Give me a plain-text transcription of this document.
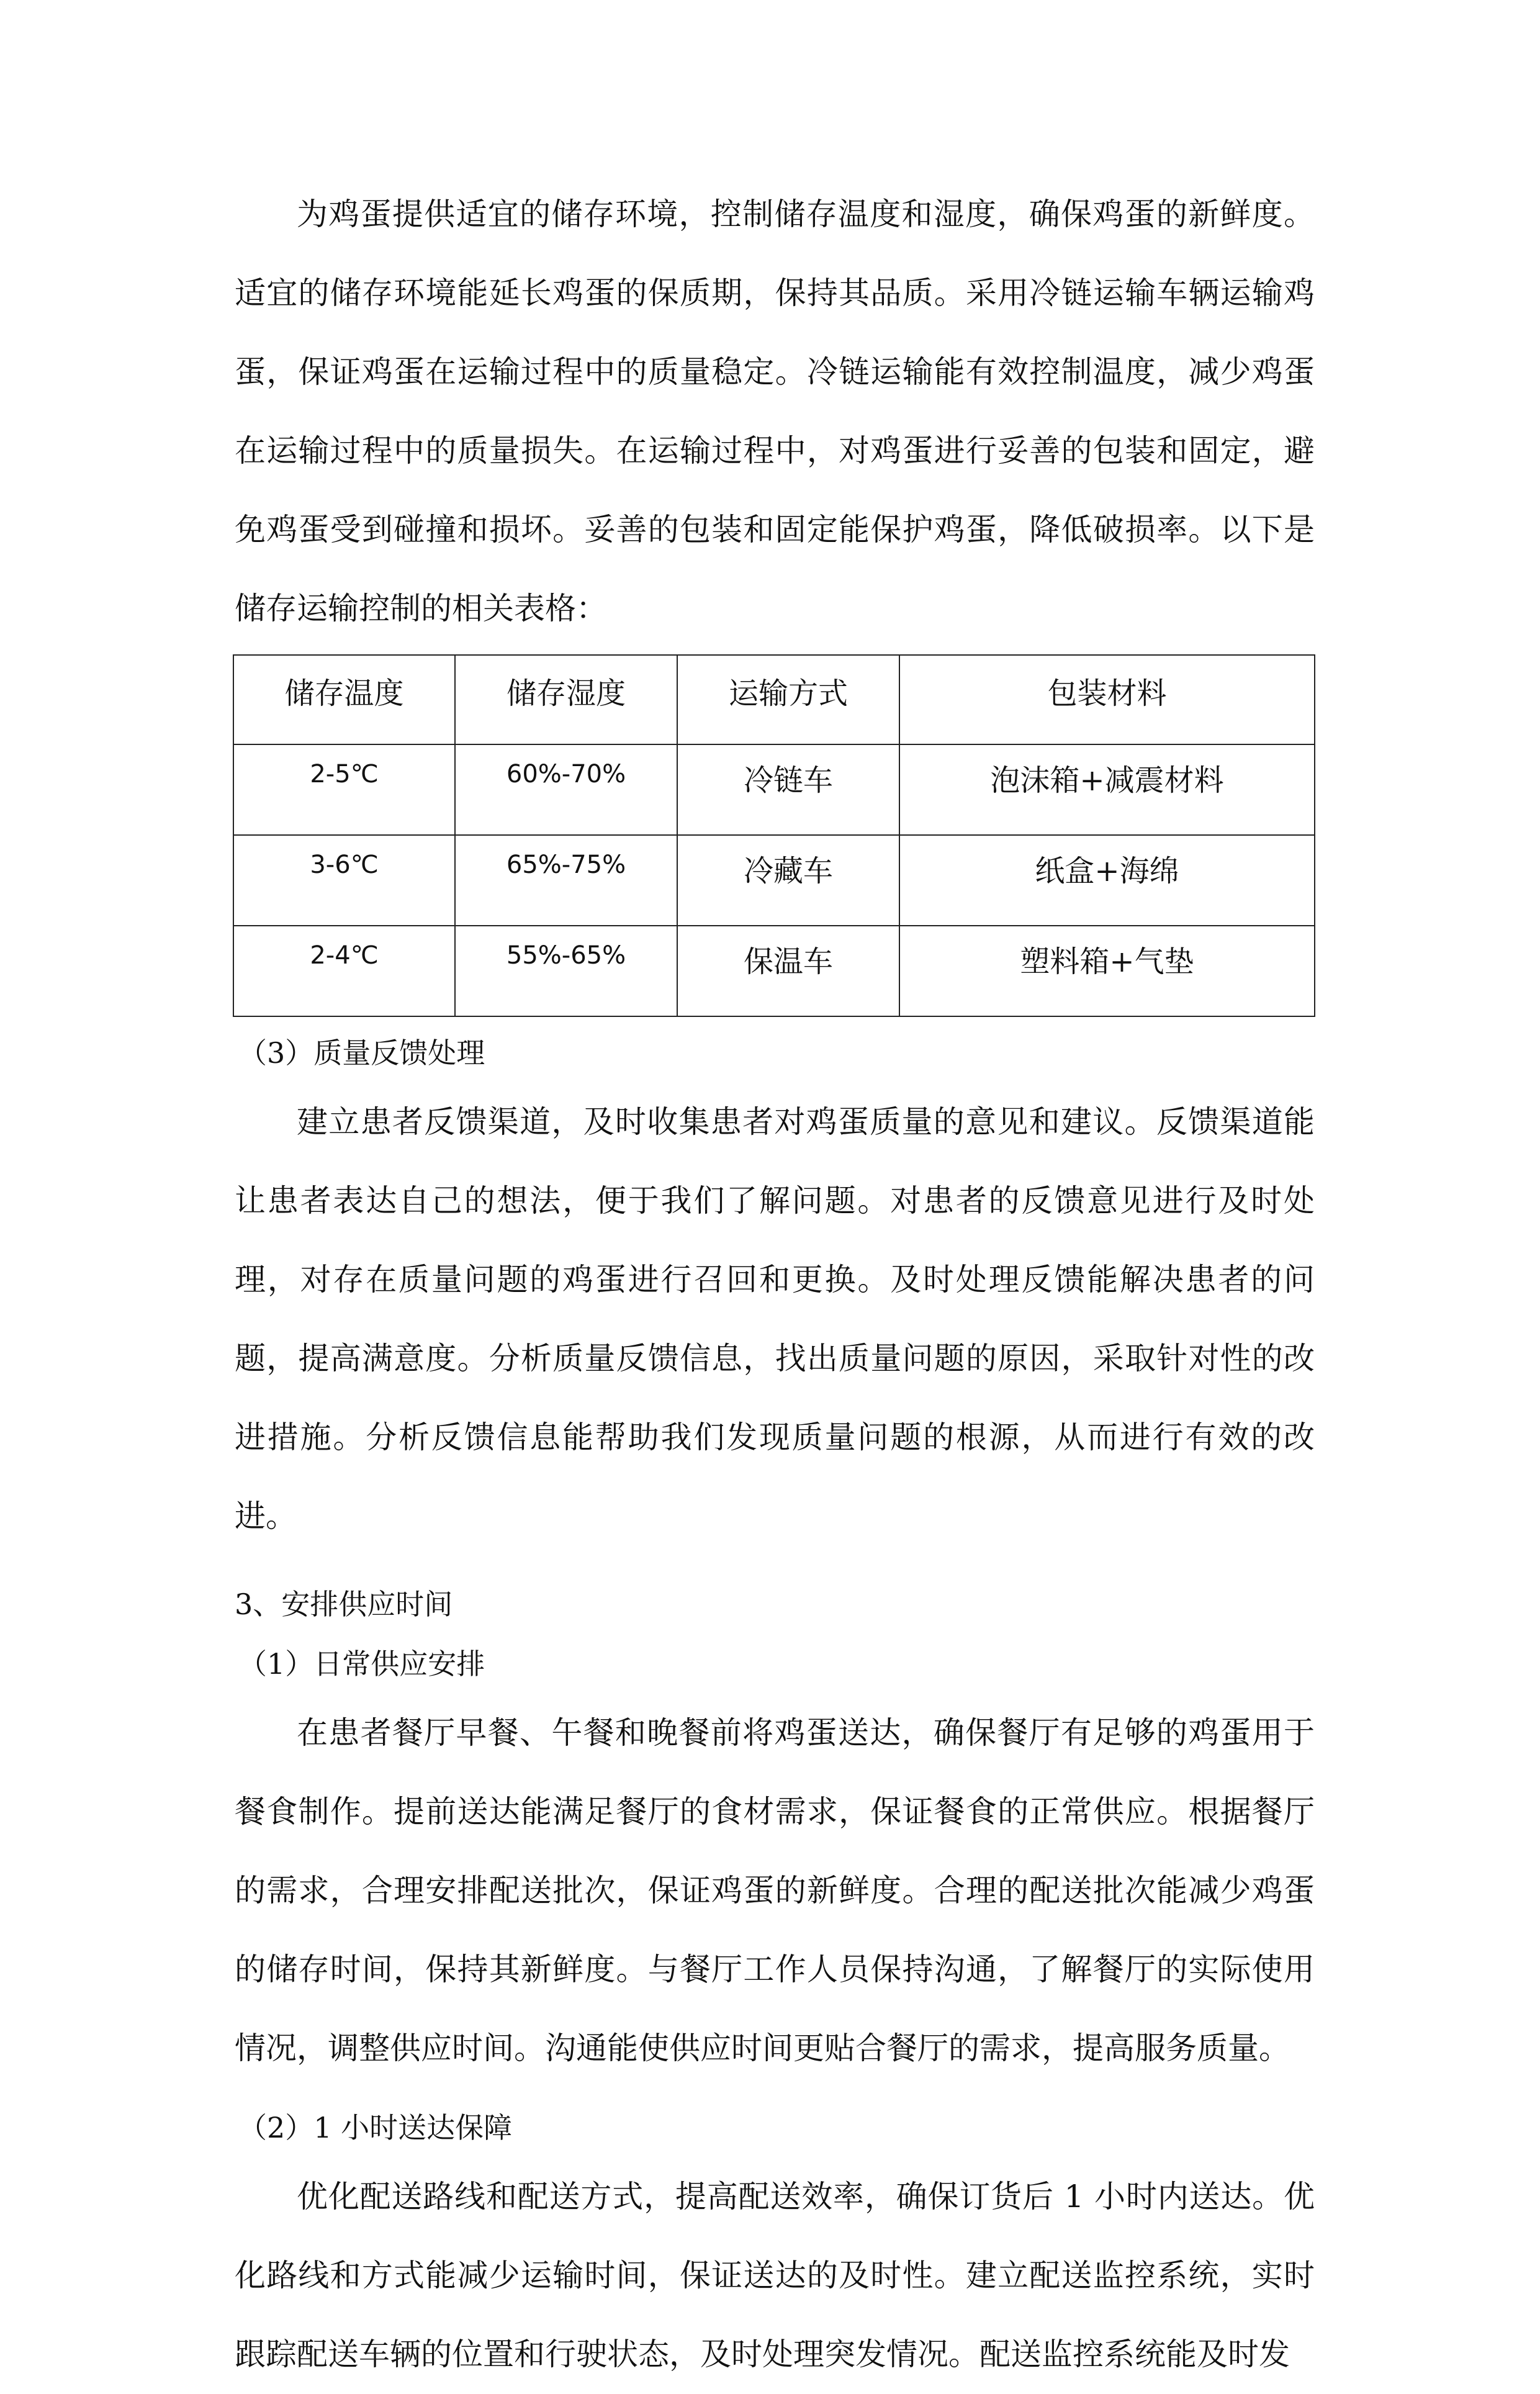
为鸡蛋提供适宜的储存环境，控制储存温度和湿度，确保鸡蛋的新鲜度。适宜的储存环境能延长鸡蛋的保质期，保持其品质。采用冷链运输车辆运输鸡蛋，保证鸡蛋在运输过程中的质量稳定。冷链运输能有效控制温度，减少鸡蛋在运输过程中的质量损失。在运输过程中，对鸡蛋进行妥善的包装和固定，避免鸡蛋受到碰撞和损坏。妥善的包装和固定能保护鸡蛋，降低破损率。以下是储存运输控制的相关表格：

储存温度	储存湿度	运输方式	包装材料
2-5℃	60%-70%	冷链车	泡沫箱+减震材料
3-6℃	65%-75%	冷藏车	纸盒+海绵
2-4℃	55%-65%	保温车	塑料箱+气垫

（3）质量反馈处理

建立患者反馈渠道，及时收集患者对鸡蛋质量的意见和建议。反馈渠道能让患者表达自己的想法，便于我们了解问题。对患者的反馈意见进行及时处理，对存在质量问题的鸡蛋进行召回和更换。及时处理反馈能解决患者的问题，提高满意度。分析质量反馈信息，找出质量问题的原因，采取针对性的改进措施。分析反馈信息能帮助我们发现质量问题的根源，从而进行有效的改进。

3、安排供应时间

（1）日常供应安排

在患者餐厅早餐、午餐和晚餐前将鸡蛋送达，确保餐厅有足够的鸡蛋用于餐食制作。提前送达能满足餐厅的食材需求，保证餐食的正常供应。根据餐厅的需求，合理安排配送批次，保证鸡蛋的新鲜度。合理的配送批次能减少鸡蛋的储存时间，保持其新鲜度。与餐厅工作人员保持沟通，了解餐厅的实际使用情况，调整供应时间。沟通能使供应时间更贴合餐厅的需求，提高服务质量。

（2）1 小时送达保障

优化配送路线和配送方式，提高配送效率，确保订货后 1 小时内送达。优化路线和方式能减少运输时间，保证送达的及时性。建立配送监控系统，实时跟踪配送车辆的位置和行驶状态，及时处理突发情况。配送监控系统能及时发
